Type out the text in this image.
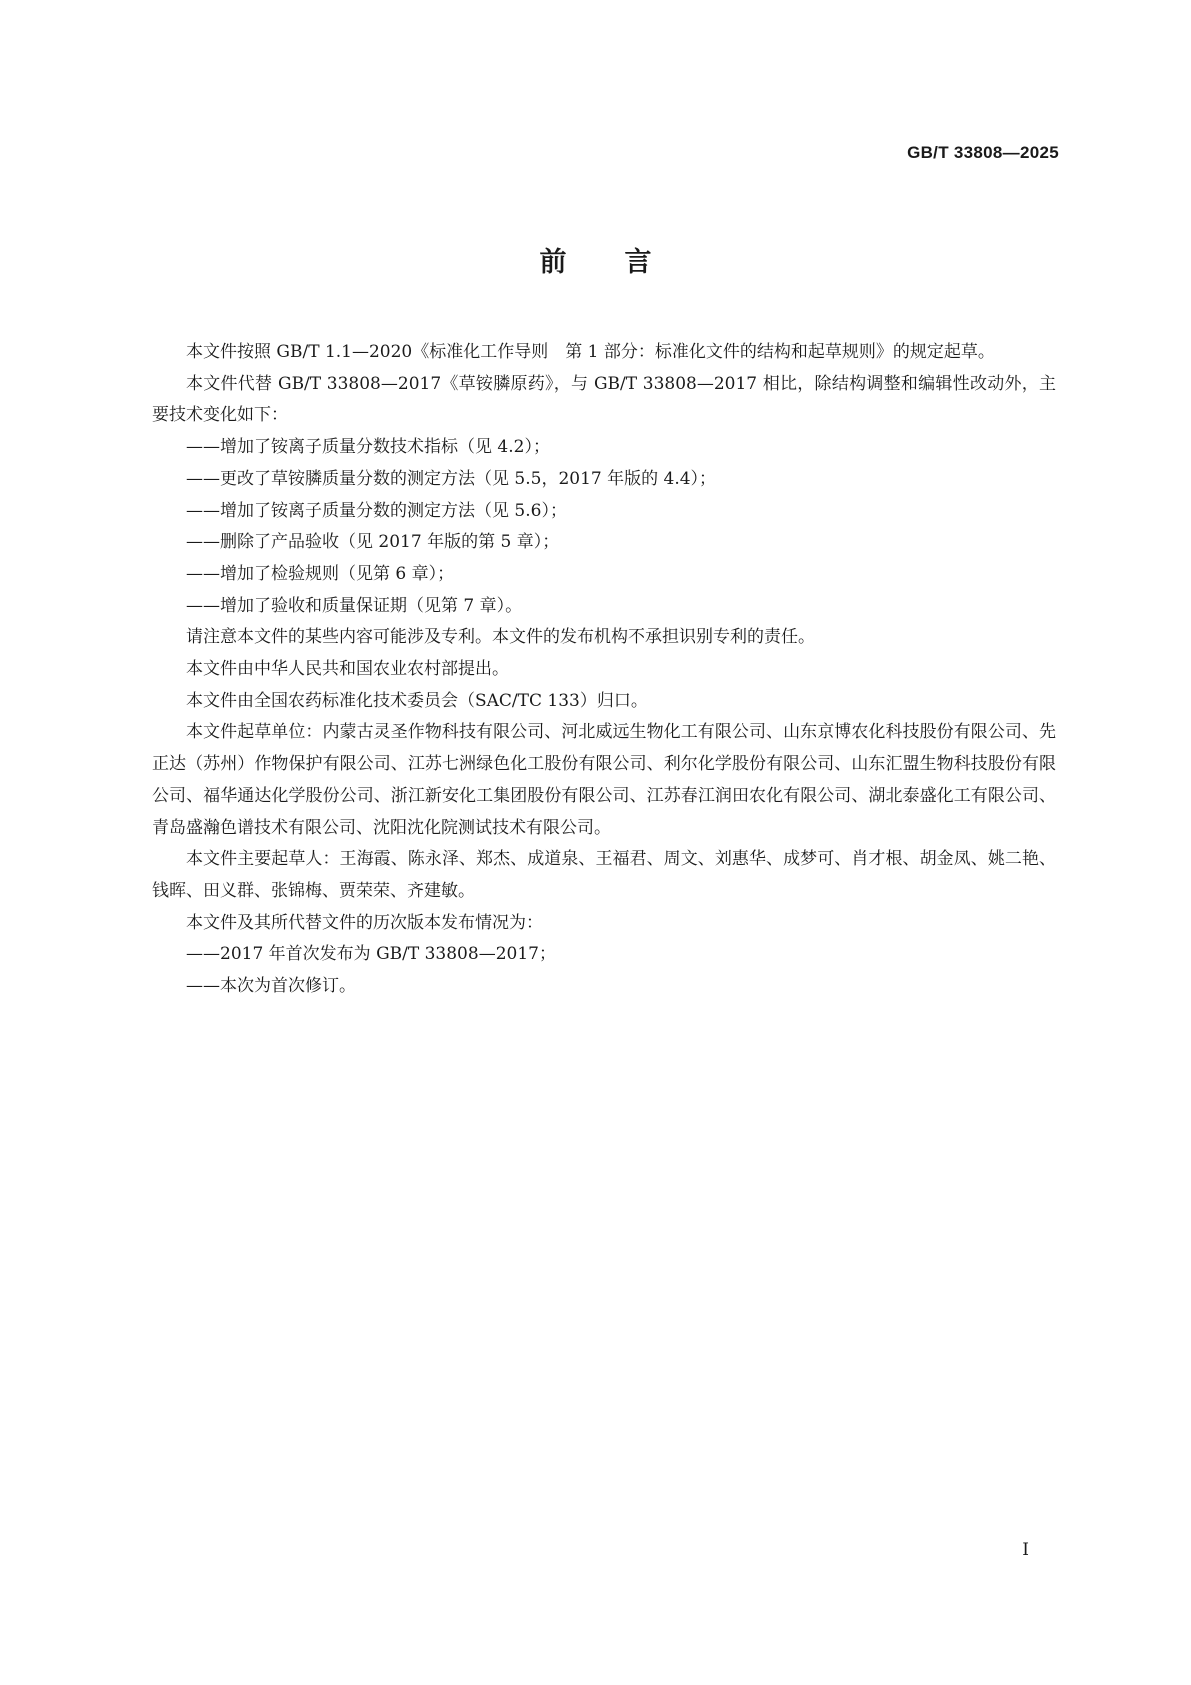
GB/T 33808—2025
前言

本文件按照 GB/T 1.1—2020《标准化工作导则　第 1 部分：标准化文件的结构和起草规则》的规定起草。

本文件代替 GB/T 33808—2017《草铵膦原药》，与 GB/T 33808—2017 相比，除结构调整和编辑性改动外，主要技术变化如下：

——增加了铵离子质量分数技术指标（见 4.2）；

——更改了草铵膦质量分数的测定方法（见 5.5，2017 年版的 4.4）；

——增加了铵离子质量分数的测定方法（见 5.6）；

——删除了产品验收（见 2017 年版的第 5 章）；

——增加了检验规则（见第 6 章）；

——增加了验收和质量保证期（见第 7 章）。

请注意本文件的某些内容可能涉及专利。本文件的发布机构不承担识别专利的责任。

本文件由中华人民共和国农业农村部提出。

本文件由全国农药标准化技术委员会（SAC/TC 133）归口。

本文件起草单位：内蒙古灵圣作物科技有限公司、河北威远生物化工有限公司、山东京博农化科技股份有限公司、先正达（苏州）作物保护有限公司、江苏七洲绿色化工股份有限公司、利尔化学股份有限公司、山东汇盟生物科技股份有限公司、福华通达化学股份公司、浙江新安化工集团股份有限公司、江苏春江润田农化有限公司、湖北泰盛化工有限公司、青岛盛瀚色谱技术有限公司、沈阳沈化院测试技术有限公司。

本文件主要起草人：王海霞、陈永泽、郑杰、成道泉、王福君、周文、刘惠华、成梦可、肖才根、胡金凤、姚二艳、钱晖、田义群、张锦梅、贾荣荣、齐建敏。

本文件及其所代替文件的历次版本发布情况为：

——2017 年首次发布为 GB/T 33808—2017；

——本次为首次修订。

I
